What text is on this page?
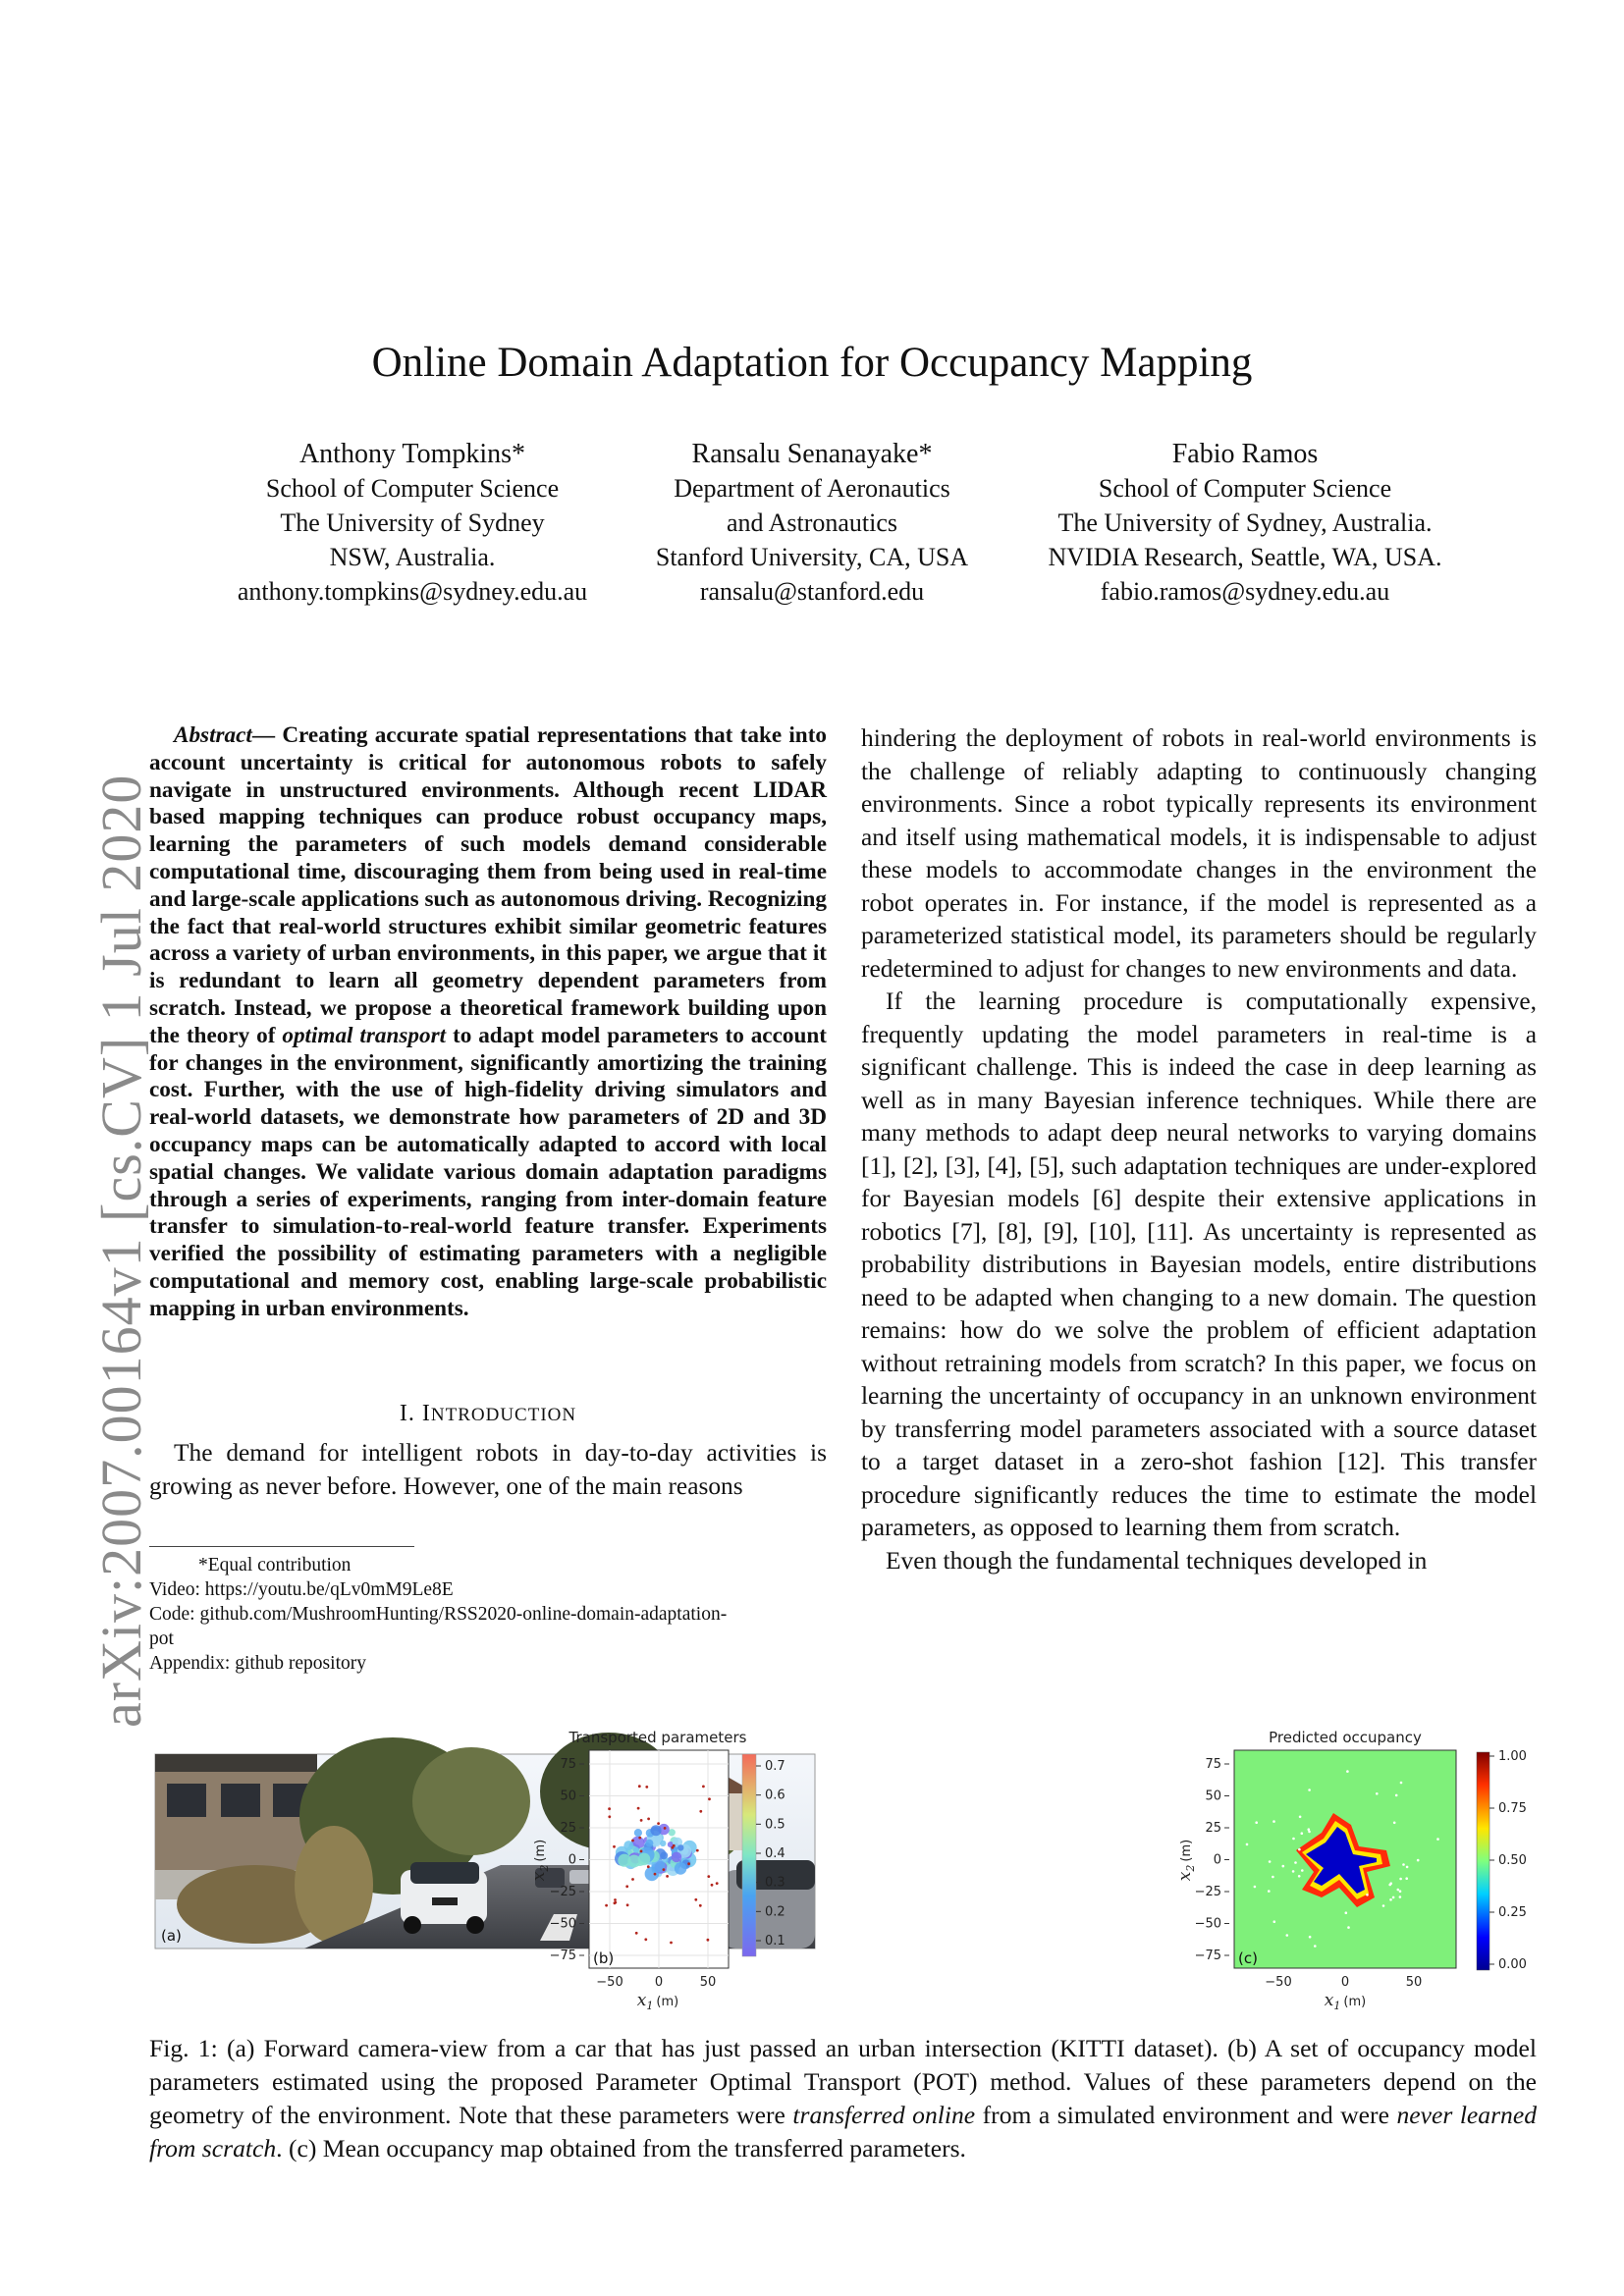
arXiv:2007.00164v1 [cs.CV] 1 Jul 2020
Online Domain Adaptation for Occupancy Mapping
Anthony Tompkins*
School of Computer Science
The University of Sydney
NSW, Australia.
anthony.tompkins@sydney.edu.au
Ransalu Senanayake*
Department of Aeronautics
and Astronautics
Stanford University, CA, USA
ransalu@stanford.edu
Fabio Ramos
School of Computer Science
The University of Sydney, Australia.
NVIDIA Research, Seattle, WA, USA.
fabio.ramos@sydney.edu.au
Abstract— Creating accurate spatial representations that take into account uncertainty is critical for autonomous robots to safely navigate in unstructured environments. Although recent LIDAR based mapping techniques can produce robust occupancy maps, learning the parameters of such models demand considerable computational time, discouraging them from being used in real-time and large-scale applications such as autonomous driving. Recognizing the fact that real-world structures exhibit similar geometric features across a variety of urban environments, in this paper, we argue that it is redundant to learn all geometry dependent parameters from scratch. Instead, we propose a theoretical framework building upon the theory of optimal transport to adapt model parameters to account for changes in the environment, significantly amortizing the training cost. Further, with the use of high-fidelity driving simulators and real-world datasets, we demonstrate how parameters of 2D and 3D occupancy maps can be automatically adapted to accord with local spatial changes. We validate various domain adaptation paradigms through a series of experiments, ranging from inter-domain feature transfer to simulation-to-real-world feature transfer. Experiments verified the possibility of estimating parameters with a negligible computational and memory cost, enabling large-scale probabilistic mapping in urban environments.
I. INTRODUCTION

The demand for intelligent robots in day-to-day activities is growing as never before. However, one of the main reasons

*Equal contribution
Video: https://youtu.be/qLv0mM9Le8E
Code: github.com/MushroomHunting/RSS2020-online-domain-adaptation-
pot
Appendix: github repository

hindering the deployment of robots in real-world environments is the challenge of reliably adapting to continuously changing environments. Since a robot typically represents its environment and itself using mathematical models, it is indispensable to adjust these models to accommodate changes in the environment the robot operates in. For instance, if the model is represented as a parameterized statistical model, its parameters should be regularly redetermined to adjust for changes to new environments and data.

If the learning procedure is computationally expensive, frequently updating the model parameters in real-time is a significant challenge. This is indeed the case in deep learning as well as in many Bayesian inference techniques. While there are many methods to adapt deep neural networks to varying domains [1], [2], [3], [4], [5], such adaptation techniques are under-explored for Bayesian models [6] despite their extensive applications in robotics [7], [8], [9], [10], [11]. As uncertainty is represented as probability distributions in Bayesian models, entire distributions need to be adapted when changing to a new domain. The question remains: how do we solve the problem of efficient adaptation without retraining models from scratch? In this paper, we focus on learning the uncertainty of occupancy in an unknown environment by transferring model parameters associated with a source dataset to a target dataset in a zero-shot fashion [12]. This transfer procedure significantly reduces the time to estimate the model parameters, as opposed to learning them from scratch.

Even though the fundamental techniques developed in

(a)
Transported parameters
(b)
75
50
25
0
−25
−50
−75
−50 0	50
$x_1$ $^{(m)}$
$x_2^{(m)}$
0.7
0.6
0.5
0.4
0.3
0.2
0.1
Predicted occupancy
(c)
75
50
25
0
−25
−50
−75
−50	0	50
$x_1$ $^{(m)}$
$x_2^{(m)}$
1.00
0.75
0.50
0.25
0.00
Fig. 1: (a) Forward camera-view from a car that has just passed an urban intersection (KITTI dataset). (b) A set of occupancy model parameters estimated using the proposed Parameter Optimal Transport (POT) method. Values of these parameters depend on the geometry of the environment. Note that these parameters were transferred online from a simulated environment and were never learned from scratch. (c) Mean occupancy map obtained from the transferred parameters.
